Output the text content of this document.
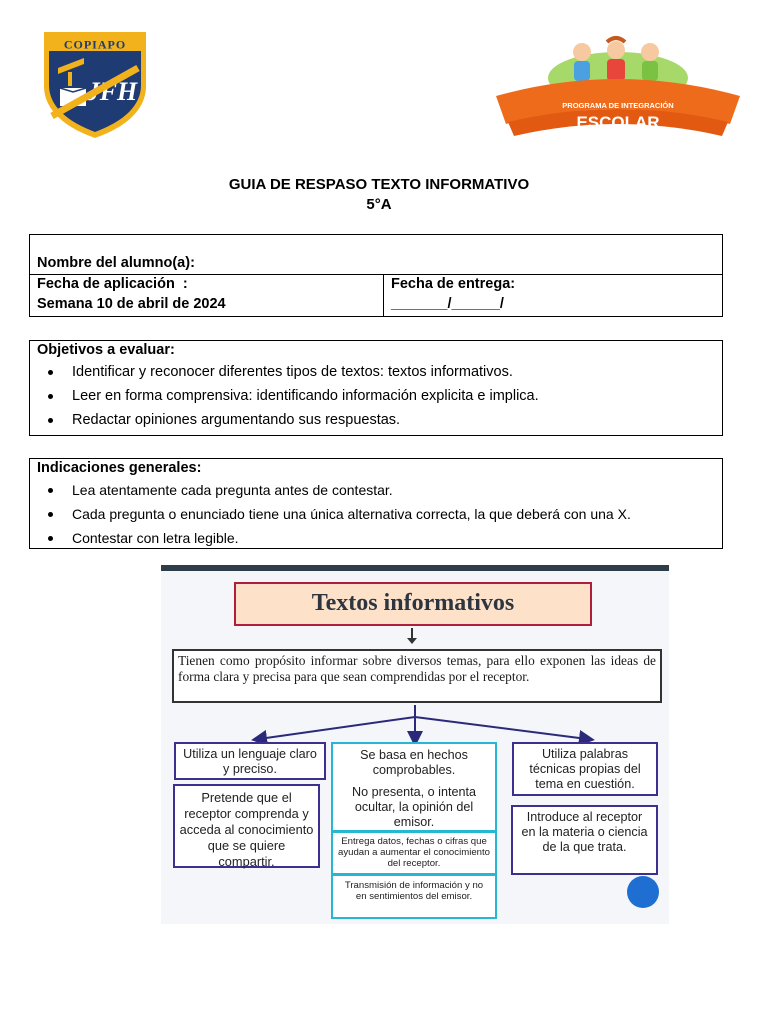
COPIAPO
JFH	PROGRAMA DE INTEGRACIÓN
ESCOLAR
GUIA DE RESPASO TEXTO INFORMATIVO
5°A
Nombre del alumno(a):
Fecha de aplicación  :
Semana 10 de abril de 2024
Fecha de entrega:
_______/______/
Objetivos a evaluar:
Identificar y reconocer diferentes tipos de textos: textos informativos.
Leer en forma comprensiva: identificando información explicita e implica.
Redactar opiniones argumentando sus respuestas.
Indicaciones generales:
Lea atentamente cada pregunta antes de contestar.
Cada pregunta o enunciado tiene una única alternativa correcta, la que deberá con una X.
Contestar con letra legible.
Textos informativos
Tienen como propósito informar sobre diversos temas, para ello exponen las ideas de forma clara y precisa para que sean comprendidas por el receptor.
Utiliza un lenguaje claro y preciso.
Pretende que el receptor comprenda y acceda al conocimiento que se quiere compartir.
Se basa en hechos comprobables.
No presenta, o intenta ocultar, la opinión del emisor.
Entrega datos, fechas o cifras que ayudan a aumentar el conocimiento del receptor.
Transmisión de información y no en sentimientos del emisor.
Utiliza palabras técnicas propias del tema en cuestión.
Introduce al receptor en la materia o ciencia de la que trata.
